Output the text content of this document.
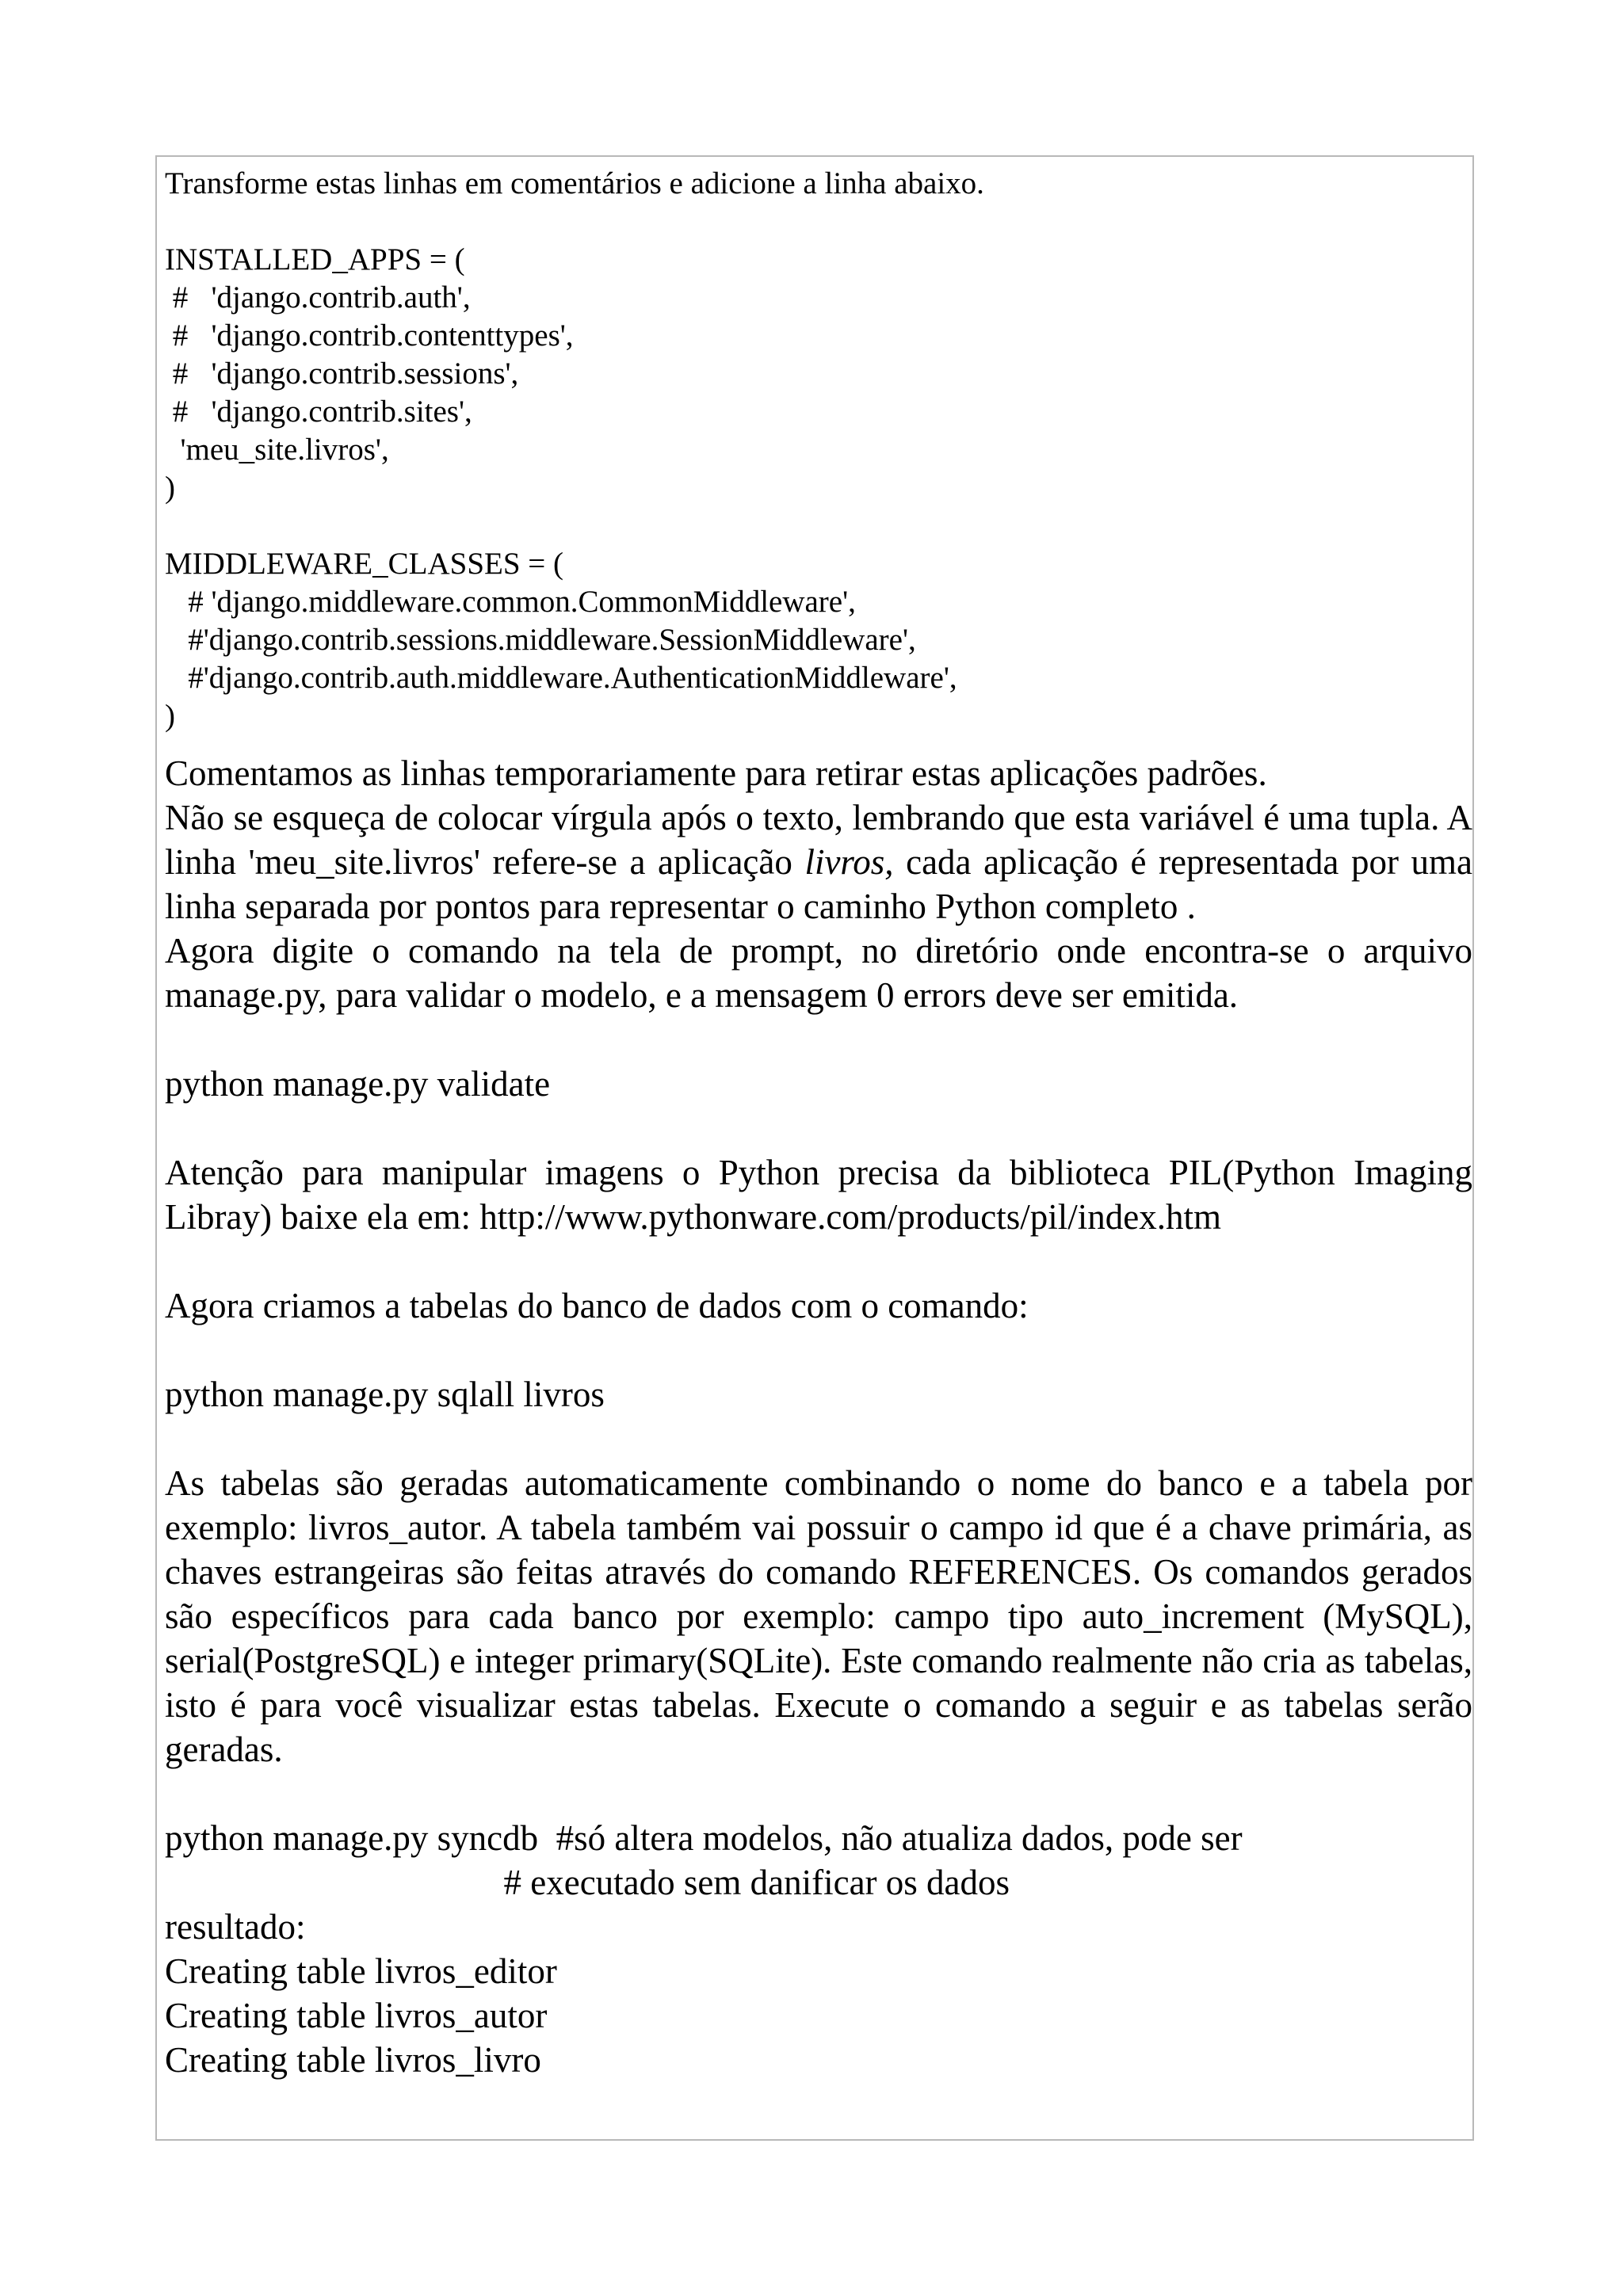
Transforme estas linhas em comentários e adicione a linha abaixo.
INSTALLED_APPS = (
#   'django.contrib.auth',
#   'django.contrib.contenttypes',
#   'django.contrib.sessions',
#   'django.contrib.sites',
'meu_site.livros',
)
MIDDLEWARE_CLASSES = (
# 'django.middleware.common.CommonMiddleware',
#'django.contrib.sessions.middleware.SessionMiddleware',
#'django.contrib.auth.middleware.AuthenticationMiddleware',
)
Comentamos as linhas temporariamente para retirar estas aplicações padrões.
Não se esqueça de colocar vírgula após o texto, lembrando que esta variável é uma tupla. A linha 'meu_site.livros' refere-se a aplicação livros, cada aplicação é representada por uma linha separada por pontos para representar o caminho Python completo .
Agora digite o comando na tela de prompt, no diretório onde encontra-se o arquivo manage.py, para validar o modelo, e a mensagem 0 errors deve ser emitida.
python manage.py validate
Atenção para manipular imagens o Python precisa da biblioteca PIL(Python Imaging Libray) baixe ela em: http://www.pythonware.com/products/pil/index.htm
Agora criamos a tabelas do banco de dados com o comando:
python manage.py sqlall livros
As tabelas são geradas automaticamente combinando o nome do banco e a tabela por exemplo: livros_autor. A tabela também vai possuir o campo id que é a chave primária, as chaves estrangeiras são feitas através do comando REFERENCES. Os comandos gerados são específicos para cada banco por exemplo: campo tipo auto_increment (MySQL), serial(PostgreSQL) e integer primary(SQLite). Este comando realmente não cria as tabelas, isto é para você visualizar estas tabelas. Execute o comando a seguir e as tabelas serão geradas.
python manage.py syncdb  #só altera modelos, não atualiza dados, pode ser
# executado sem danificar os dados
resultado:
Creating table livros_editor
Creating table livros_autor
Creating table livros_livro
